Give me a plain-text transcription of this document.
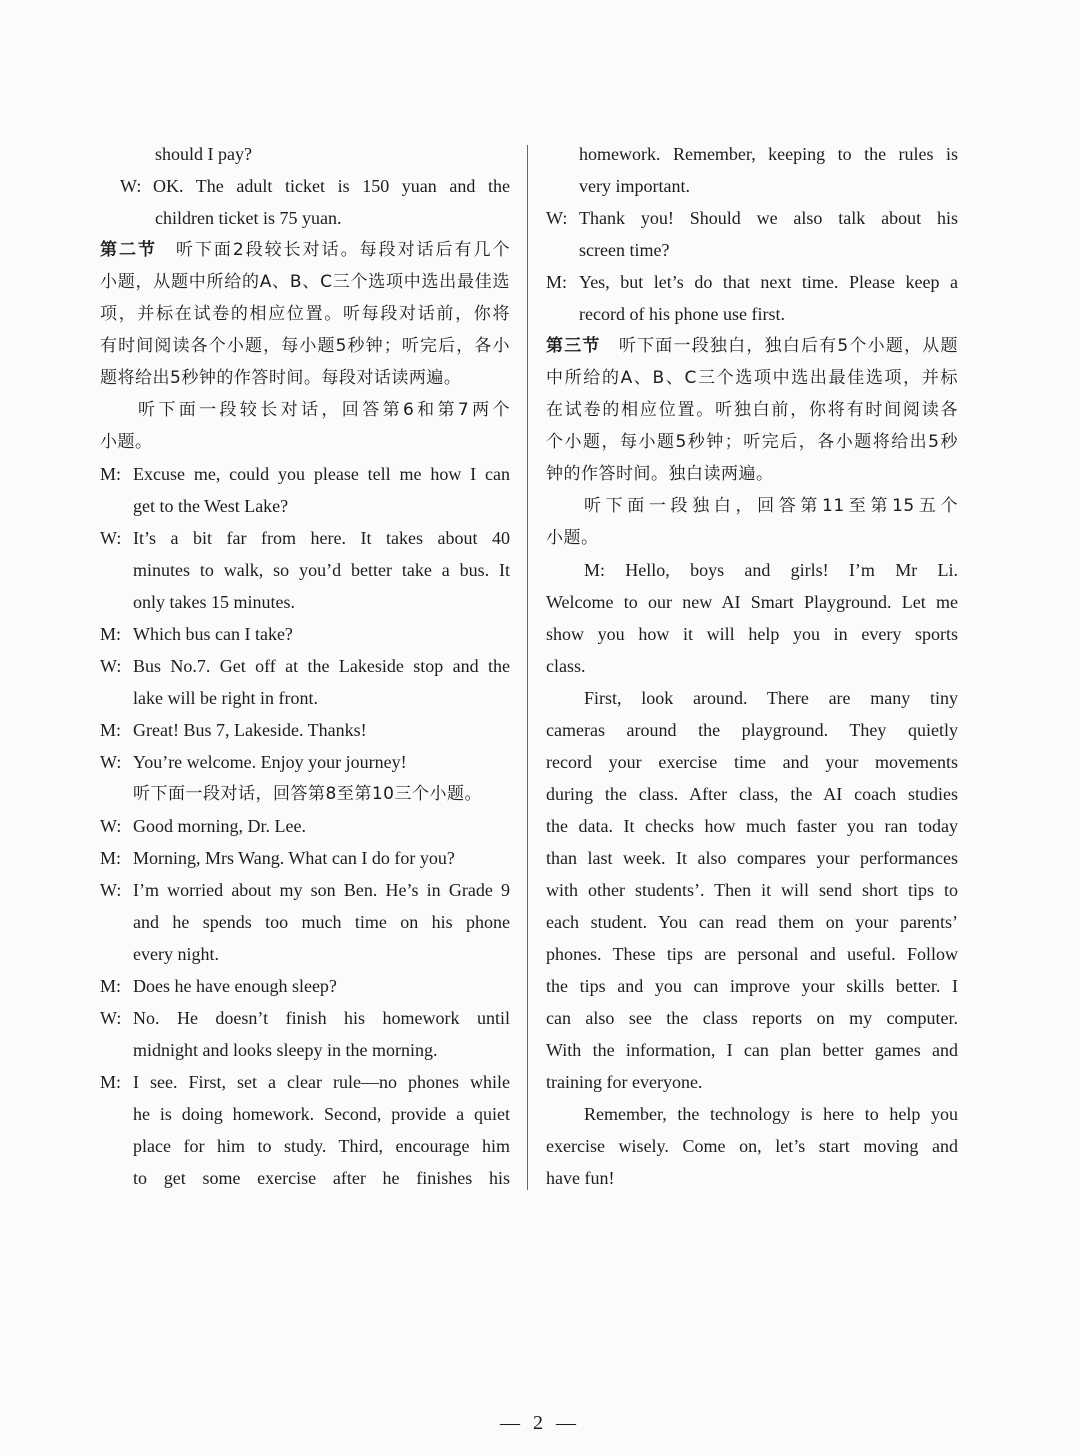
should I pay?
W: OK. The adult ticket is 150 yuan and the
children ticket is 75 yuan.
第二节　听下面2段较长对话。每段对话后有几个
小题，从题中所给的A、B、C三个选项中选出最佳选
项，并标在试卷的相应位置。听每段对话前，你将
有时间阅读各个小题，每小题5秒钟；听完后，各小
题将给出5秒钟的作答时间。每段对话读两遍。
听下面一段较长对话，回答第6和第7两个
小题。
M: Excuse me, could you please tell me how I can
get to the West Lake?
W: It’s a bit far from here. It takes about 40
minutes to walk, so you’d better take a bus. It
only takes 15 minutes.
M: Which bus can I take?
W: Bus No.7. Get off at the Lakeside stop and the
lake will be right in front.
M: Great! Bus 7, Lakeside. Thanks!
W: You’re welcome. Enjoy your journey!
听下面一段对话，回答第8至第10三个小题。
W: Good morning, Dr. Lee.
M: Morning, Mrs Wang. What can I do for you?
W: I’m worried about my son Ben. He’s in Grade 9
and he spends too much time on his phone
every night.
M: Does he have enough sleep?
W: No. He doesn’t finish his homework until
midnight and looks sleepy in the morning.
M: I see. First, set a clear rule—no phones while
he is doing homework. Second, provide a quiet
place for him to study. Third, encourage him
to get some exercise after he finishes his
homework. Remember, keeping to the rules is
very important.
W: Thank you! Should we also talk about his
screen time?
M: Yes, but let’s do that next time. Please keep a
record of his phone use first.
第三节　听下面一段独白，独白后有5个小题，从题
中所给的A、B、C三个选项中选出最佳选项，并标
在试卷的相应位置。听独白前，你将有时间阅读各
个小题，每小题5秒钟；听完后，各小题将给出5秒
钟的作答时间。独白读两遍。
听下面一段独白，回答第11至第15五个
小题。
M: Hello, boys and girls! I’m Mr Li.
Welcome to our new AI Smart Playground. Let me
show you how it will help you in every sports
class.
First, look around. There are many tiny
cameras around the playground. They quietly
record your exercise time and your movements
during the class. After class, the AI coach studies
the data. It checks how much faster you ran today
than last week. It also compares your performances
with other students’. Then it will send short tips to
each student. You can read them on your parents’
phones. These tips are personal and useful. Follow
the tips and you can improve your skills better. I
can also see the class reports on my computer.
With the information, I can plan better games and
training for everyone.
Remember, the technology is here to help you
exercise wisely. Come on, let’s start moving and
have fun!
— 2 —
